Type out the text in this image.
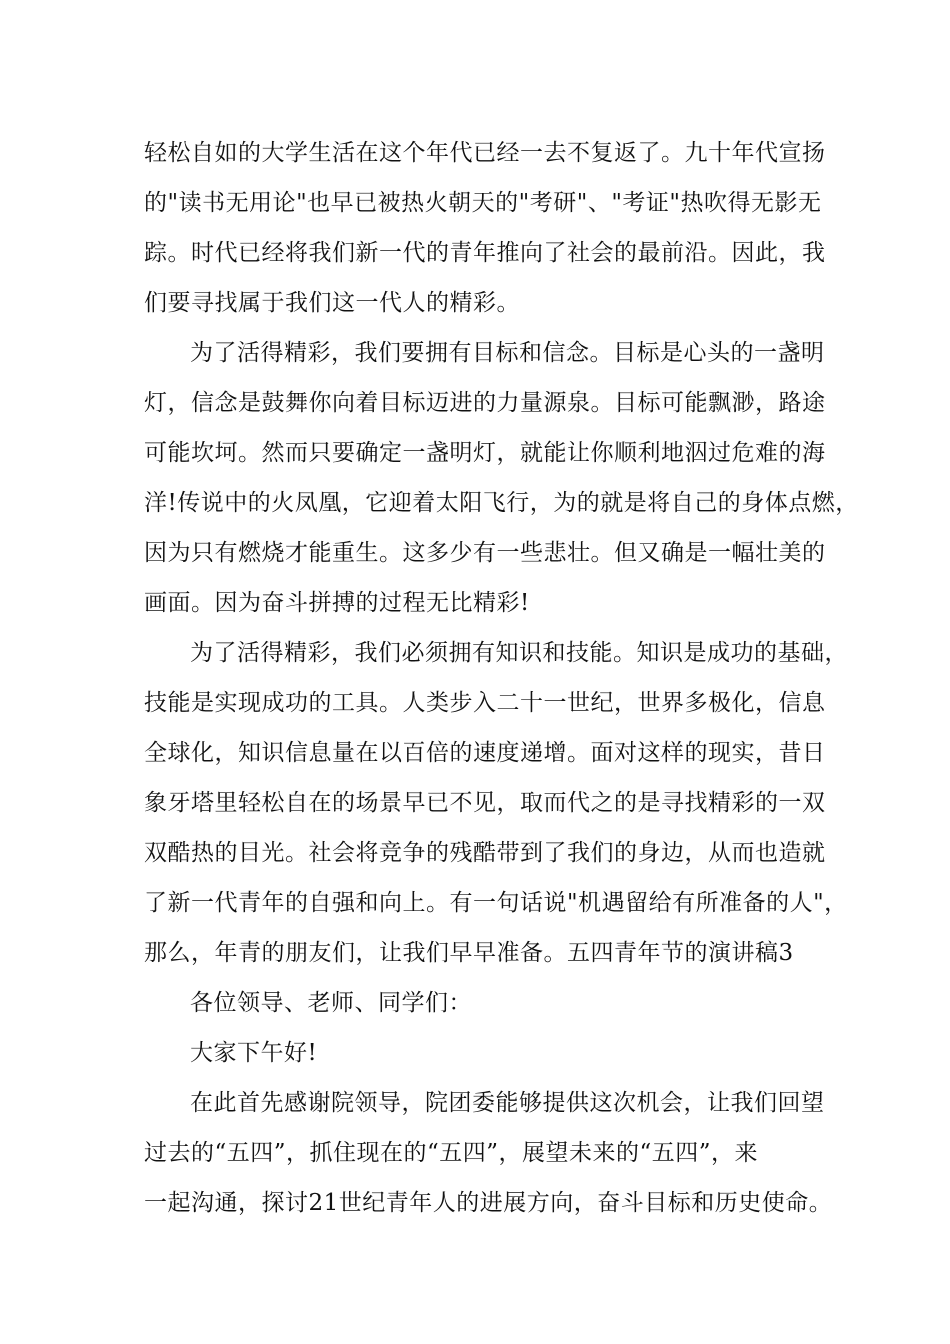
轻松自如的大学生活在这个年代已经一去不复返了。九十年代宣扬
的"读书无用论"也早已被热火朝天的"考研"、"考证"热吹得无影无
踪。时代已经将我们新一代的青年推向了社会的最前沿。因此，我
们要寻找属于我们这一代人的精彩。
为了活得精彩，我们要拥有目标和信念。目标是心头的一盏明
灯，信念是鼓舞你向着目标迈进的力量源泉。目标可能飘渺，路途
可能坎坷。然而只要确定一盏明灯，就能让你顺利地泅过危难的海
洋!传说中的火凤凰，它迎着太阳飞行，为的就是将自己的身体点燃，
因为只有燃烧才能重生。这多少有一些悲壮。但又确是一幅壮美的
画面。因为奋斗拼搏的过程无比精彩!
为了活得精彩，我们必须拥有知识和技能。知识是成功的基础，
技能是实现成功的工具。人类步入二十一世纪，世界多极化，信息
全球化，知识信息量在以百倍的速度递增。面对这样的现实，昔日
象牙塔里轻松自在的场景早已不见，取而代之的是寻找精彩的一双
双酷热的目光。社会将竞争的残酷带到了我们的身边，从而也造就
了新一代青年的自强和向上。有一句话说"机遇留给有所准备的人"，
那么，年青的朋友们，让我们早早准备。五四青年节的演讲稿3
各位领导、老师、同学们：
大家下午好!
在此首先感谢院领导，院团委能够提供这次机会，让我们回望
过去的“五四”，抓住现在的“五四”，展望未来的“五四”，来
一起沟通，探讨21世纪青年人的进展方向，奋斗目标和历史使命。
